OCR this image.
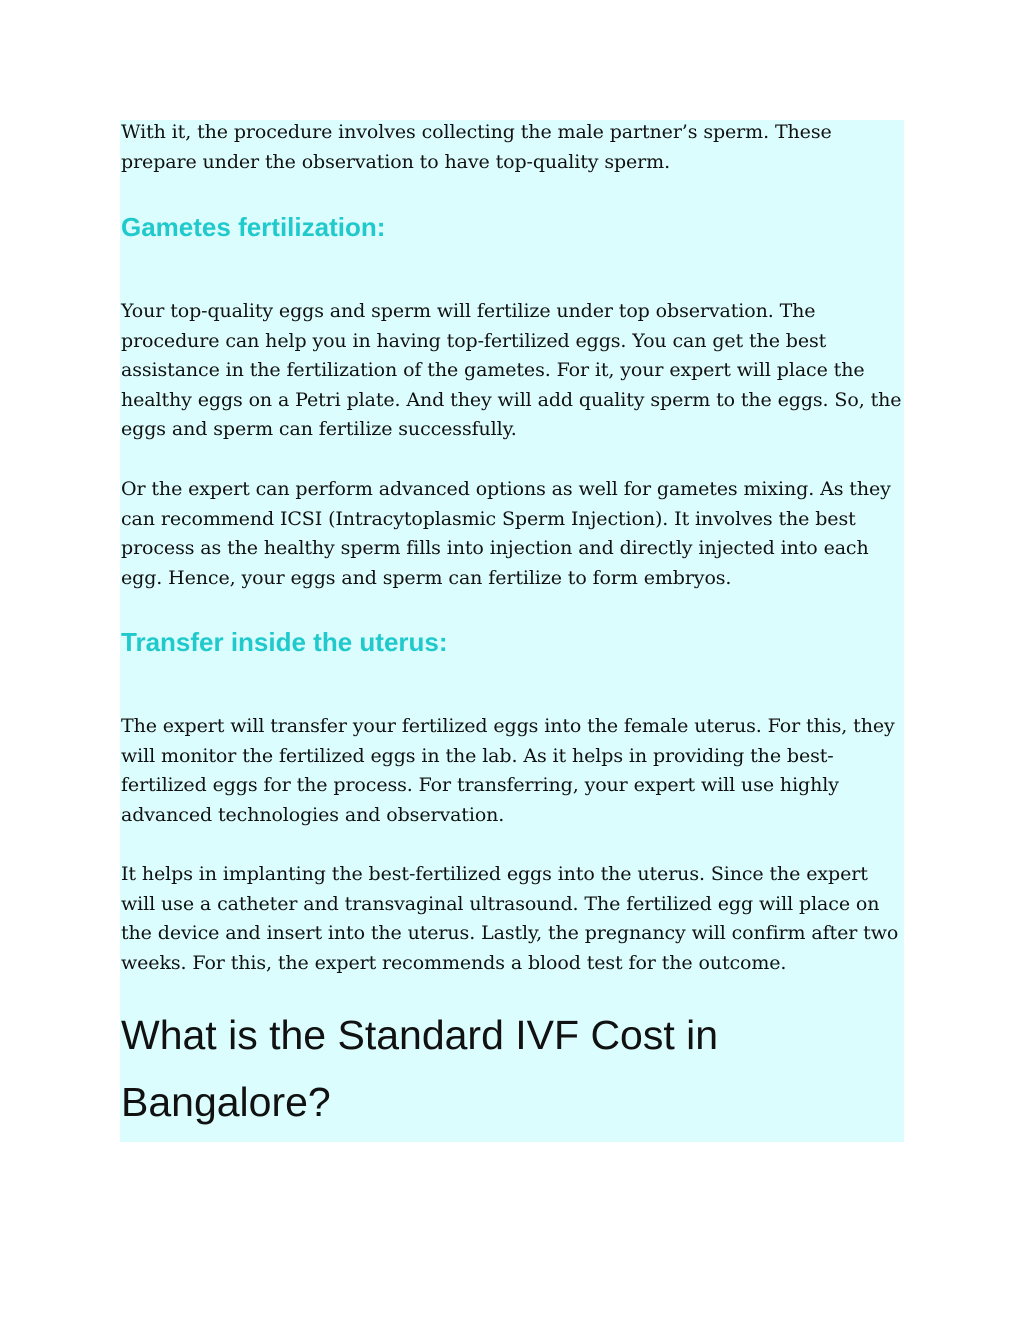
With it, the procedure involves collecting the male partner’s sperm. These prepare under the observation to have top-quality sperm.

Gametes fertilization:

Your top-quality eggs and sperm will fertilize under top observation. The procedure can help you in having top-fertilized eggs. You can get the best assistance in the fertilization of the gametes. For it, your expert will place the healthy eggs on a Petri plate. And they will add quality sperm to the eggs. So, the eggs and sperm can fertilize successfully.

Or the expert can perform advanced options as well for gametes mixing. As they can recommend ICSI (Intracytoplasmic Sperm Injection). It involves the best process as the healthy sperm fills into injection and directly injected into each egg. Hence, your eggs and sperm can fertilize to form embryos.

Transfer inside the uterus:

The expert will transfer your fertilized eggs into the female uterus. For this, they will monitor the fertilized eggs in the lab. As it helps in providing the best-fertilized eggs for the process. For transferring, your expert will use highly advanced technologies and observation.

It helps in implanting the best-fertilized eggs into the uterus. Since the expert will use a catheter and transvaginal ultrasound. The fertilized egg will place on the device and insert into the uterus. Lastly, the pregnancy will confirm after two weeks. For this, the expert recommends a blood test for the outcome.

What is the Standard IVF Cost in Bangalore?
